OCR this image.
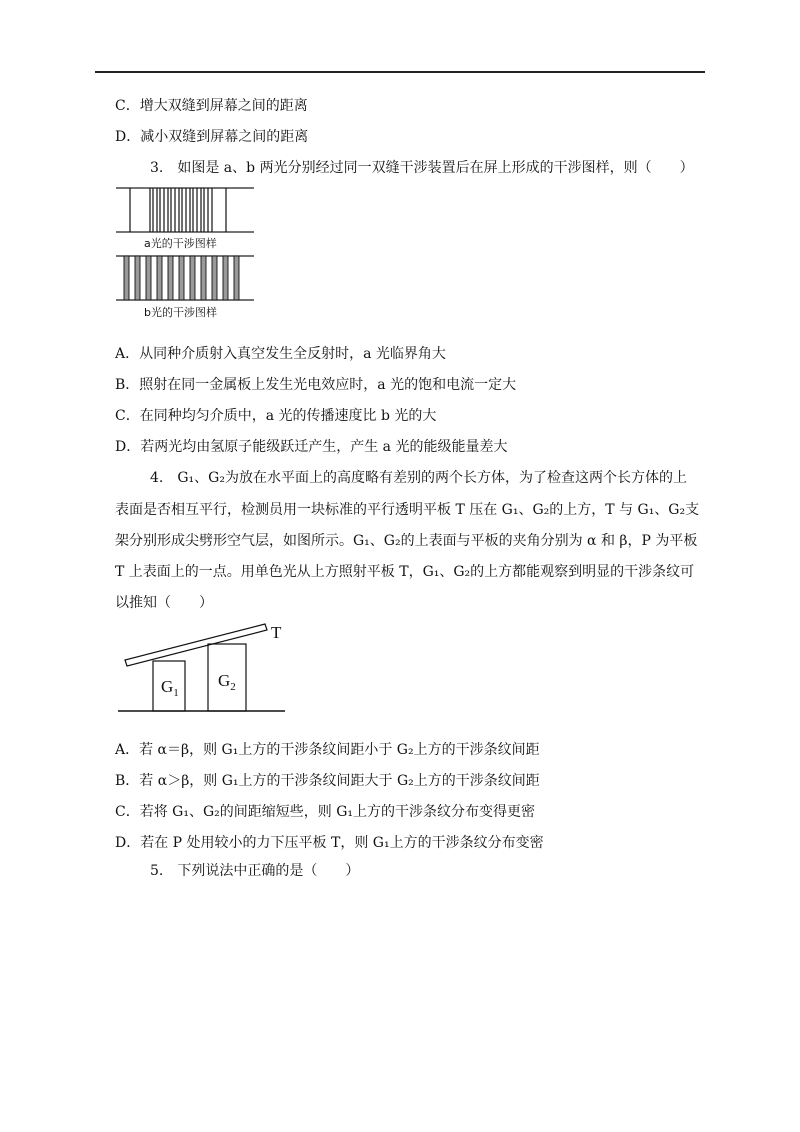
C．增大双缝到屏幕之间的距离
D．减小双缝到屏幕之间的距离
3.　如图是 a、b 两光分别经过同一双缝干涉装置后在屏上形成的干涉图样，则（　　）
a光的干涉图样
b光的干涉图样
A．从同种介质射入真空发生全反射时，a 光临界角大
B．照射在同一金属板上发生光电效应时，a 光的饱和电流一定大
C．在同种均匀介质中，a 光的传播速度比 b 光的大
D．若两光均由氢原子能级跃迁产生，产生 a 光的能级能量差大
4.　G₁、G₂为放在水平面上的高度略有差别的两个长方体，为了检查这两个长方体的上
表面是否相互平行，检测员用一块标准的平行透明平板 T 压在 G₁、G₂的上方，T 与 G₁、G₂支
架分别形成尖劈形空气层，如图所示。G₁、G₂的上表面与平板的夹角分别为 α 和 β，P 为平板
T 上表面上的一点。用单色光从上方照射平板 T，G₁、G₂的上方都能观察到明显的干涉条纹可
以推知（　　）
T
$G_1$
$G_2$
A．若 α＝β，则 G₁上方的干涉条纹间距小于 G₂上方的干涉条纹间距
B．若 α＞β，则 G₁上方的干涉条纹间距大于 G₂上方的干涉条纹间距
C．若将 G₁、G₂的间距缩短些，则 G₁上方的干涉条纹分布变得更密
D．若在 P 处用较小的力下压平板 T，则 G₁上方的干涉条纹分布变密
5.　下列说法中正确的是（　　）
